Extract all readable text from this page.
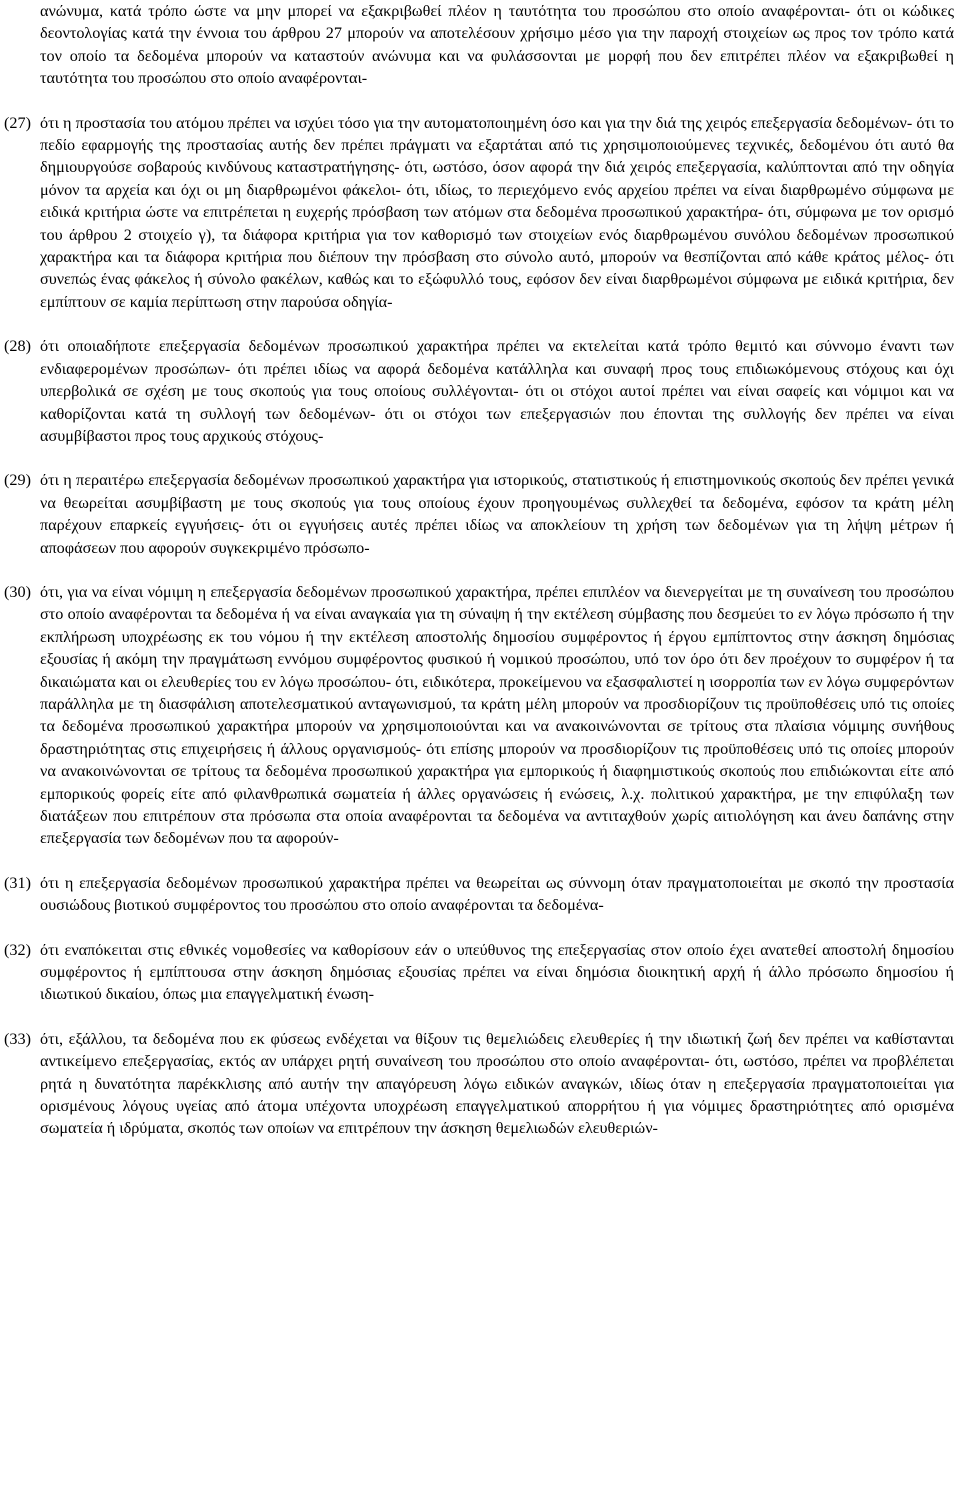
ανώνυμα, κατά τρόπο ώστε να μην μπορεί να εξακριβωθεί πλέον η ταυτότητα του προσώπου στο οποίο αναφέρονται- ότι οι κώδικες δεοντολογίας κατά την έννοια του άρθρου 27 μπορούν να αποτελέσουν χρήσιμο μέσο για την παροχή στοιχείων ως προς τον τρόπο κατά τον οποίο τα δεδομένα μπορούν να καταστούν ανώνυμα και να φυλάσσονται με μορφή που δεν επιτρέπει πλέον να εξακριβωθεί η ταυτότητα του προσώπου στο οποίο αναφέρονται-
(27) ότι η προστασία του ατόμου πρέπει να ισχύει τόσο για την αυτοματοποιημένη όσο και για την διά της χειρός επεξεργασία δεδομένων- ότι το πεδίο εφαρμογής της προστασίας αυτής δεν πρέπει πράγματι να εξαρτάται από τις χρησιμοποιούμενες τεχνικές, δεδομένου ότι αυτό θα δημιουργούσε σοβαρούς κινδύνους καταστρατήγησης- ότι, ωστόσο, όσον αφορά την διά χειρός επεξεργασία, καλύπτονται από την οδηγία μόνον τα αρχεία και όχι οι μη διαρθρωμένοι φάκελοι- ότι, ιδίως, το περιεχόμενο ενός αρχείου πρέπει να είναι διαρθρωμένο σύμφωνα με ειδικά κριτήρια ώστε να επιτρέπεται η ευχερής πρόσβαση των ατόμων στα δεδομένα προσωπικού χαρακτήρα- ότι, σύμφωνα με τον ορισμό του άρθρου 2 στοιχείο γ), τα διάφορα κριτήρια για τον καθορισμό των στοιχείων ενός διαρθρωμένου συνόλου δεδομένων προσωπικού χαρακτήρα και τα διάφορα κριτήρια που διέπουν την πρόσβαση στο σύνολο αυτό, μπορούν να θεσπίζονται από κάθε κράτος μέλος- ότι συνεπώς ένας φάκελος ή σύνολο φακέλων, καθώς και το εξώφυλλό τους, εφόσον δεν είναι διαρθρωμένοι σύμφωνα με ειδικά κριτήρια, δεν εμπίπτουν σε καμία περίπτωση στην παρούσα οδηγία-
(28) ότι οποιαδήποτε επεξεργασία δεδομένων προσωπικού χαρακτήρα πρέπει να εκτελείται κατά τρόπο θεμιτό και σύννομο έναντι των ενδιαφερομένων προσώπων- ότι πρέπει ιδίως να αφορά δεδομένα κατάλληλα και συναφή προς τους επιδιωκόμενους στόχους και όχι υπερβολικά σε σχέση με τους σκοπούς για τους οποίους συλλέγονται- ότι οι στόχοι αυτοί πρέπει ναι είναι σαφείς και νόμιμοι και να καθορίζονται κατά τη συλλογή των δεδομένων- ότι οι στόχοι των επεξεργασιών που έπονται της συλλογής δεν πρέπει να είναι ασυμβίβαστοι προς τους αρχικούς στόχους-
(29) ότι η περαιτέρω επεξεργασία δεδομένων προσωπικού χαρακτήρα για ιστορικούς, στατιστικούς ή επιστημονικούς σκοπούς δεν πρέπει γενικά να θεωρείται ασυμβίβαστη με τους σκοπούς για τους οποίους έχουν προηγουμένως συλλεχθεί τα δεδομένα, εφόσον τα κράτη μέλη παρέχουν επαρκείς εγγυήσεις- ότι οι εγγυήσεις αυτές πρέπει ιδίως να αποκλείουν τη χρήση των δεδομένων για τη λήψη μέτρων ή αποφάσεων που αφορούν συγκεκριμένο πρόσωπο-
(30) ότι, για να είναι νόμιμη η επεξεργασία δεδομένων προσωπικού χαρακτήρα, πρέπει επιπλέον να διενεργείται με τη συναίνεση του προσώπου στο οποίο αναφέρονται τα δεδομένα ή να είναι αναγκαία για τη σύναψη ή την εκτέλεση σύμβασης που δεσμεύει το εν λόγω πρόσωπο ή την εκπλήρωση υποχρέωσης εκ του νόμου ή την εκτέλεση αποστολής δημοσίου συμφέροντος ή έργου εμπίπτοντος στην άσκηση δημόσιας εξουσίας ή ακόμη την πραγμάτωση εννόμου συμφέροντος φυσικού ή νομικού προσώπου, υπό τον όρο ότι δεν προέχουν το συμφέρον ή τα δικαιώματα και οι ελευθερίες του εν λόγω προσώπου- ότι, ειδικότερα, προκείμενου να εξασφαλιστεί η ισορροπία των εν λόγω συμφερόντων παράλληλα με τη διασφάλιση αποτελεσματικού ανταγωνισμού, τα κράτη μέλη μπορούν να προσδιορίζουν τις προϋποθέσεις υπό τις οποίες τα δεδομένα προσωπικού χαρακτήρα μπορούν να χρησιμοποιούνται και να ανακοινώνονται σε τρίτους στα πλαίσια νόμιμης συνήθους δραστηριότητας στις επιχειρήσεις ή άλλους οργανισμούς- ότι επίσης μπορούν να προσδιορίζουν τις προϋποθέσεις υπό τις οποίες μπορούν να ανακοινώνονται σε τρίτους τα δεδομένα προσωπικού χαρακτήρα για εμπορικούς ή διαφημιστικούς σκοπούς που επιδιώκονται είτε από εμπορικούς φορείς είτε από φιλανθρωπικά σωματεία ή άλλες οργανώσεις ή ενώσεις, λ.χ. πολιτικού χαρακτήρα, με την επιφύλαξη των διατάξεων που επιτρέπουν στα πρόσωπα στα οποία αναφέρονται τα δεδομένα να αντιταχθούν χωρίς αιτιολόγηση και άνευ δαπάνης στην επεξεργασία των δεδομένων που τα αφορούν-
(31) ότι η επεξεργασία δεδομένων προσωπικού χαρακτήρα πρέπει να θεωρείται ως σύννομη όταν πραγματοποιείται με σκοπό την προστασία ουσιώδους βιοτικού συμφέροντος του προσώπου στο οποίο αναφέρονται τα δεδομένα-
(32) ότι εναπόκειται στις εθνικές νομοθεσίες να καθορίσουν εάν ο υπεύθυνος της επεξεργασίας στον οποίο έχει ανατεθεί αποστολή δημοσίου συμφέροντος ή εμπίπτουσα στην άσκηση δημόσιας εξουσίας πρέπει να είναι δημόσια διοικητική αρχή ή άλλο πρόσωπο δημοσίου ή ιδιωτικού δικαίου, όπως μια επαγγελματική ένωση-
(33) ότι, εξάλλου, τα δεδομένα που εκ φύσεως ενδέχεται να θίξουν τις θεμελιώδεις ελευθερίες ή την ιδιωτική ζωή δεν πρέπει να καθίστανται αντικείμενο επεξεργασίας, εκτός αν υπάρχει ρητή συναίνεση του προσώπου στο οποίο αναφέρονται- ότι, ωστόσο, πρέπει να προβλέπεται ρητά η δυνατότητα παρέκκλισης από αυτήν την απαγόρευση λόγω ειδικών αναγκών, ιδίως όταν η επεξεργασία πραγματοποιείται για ορισμένους λόγους υγείας από άτομα υπέχοντα υποχρέωση επαγγελματικού απορρήτου ή για νόμιμες δραστηριότητες από ορισμένα σωματεία ή ιδρύματα, σκοπός των οποίων να επιτρέπουν την άσκηση θεμελιωδών ελευθεριών-
